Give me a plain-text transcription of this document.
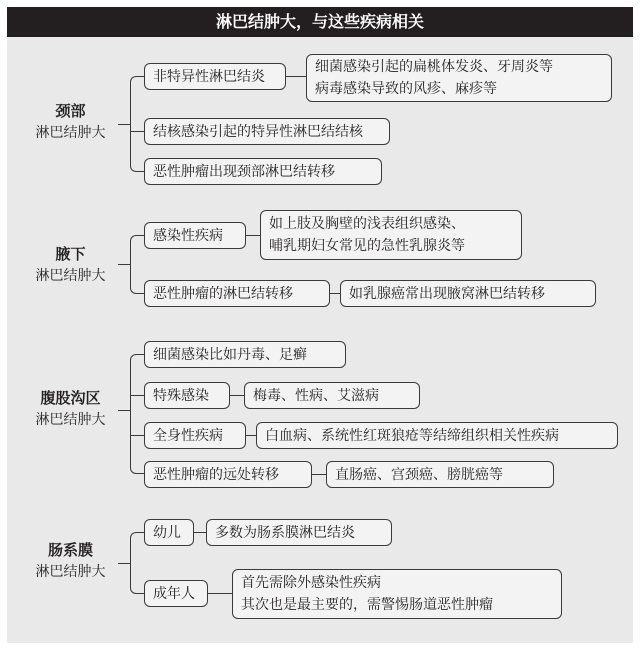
淋巴结肿大，与这些疾病相关
颈部
淋巴结肿大
非特异性淋巴结炎
细菌感染引起的扁桃体发炎、牙周炎等
病毒感染导致的风疹、麻疹等
结核感染引起的特异性淋巴结结核
恶性肿瘤出现颈部淋巴结转移
腋下
淋巴结肿大
感染性疾病
如上肢及胸壁的浅表组织感染、
哺乳期妇女常见的急性乳腺炎等
恶性肿瘤的淋巴结转移	如乳腺癌常出现腋窝淋巴结转移
腹股沟区
淋巴结肿大
细菌感染比如丹毒、足癣
特殊感染	梅毒、性病、艾滋病
全身性疾病	白血病、系统性红斑狼疮等结缔组织相关性疾病
恶性肿瘤的远处转移	直肠癌、宫颈癌、膀胱癌等
肠系膜
淋巴结肿大
幼儿 多数为肠系膜淋巴结炎
成年人
首先需除外感染性疾病
其次也是最主要的，需警惕肠道恶性肿瘤
